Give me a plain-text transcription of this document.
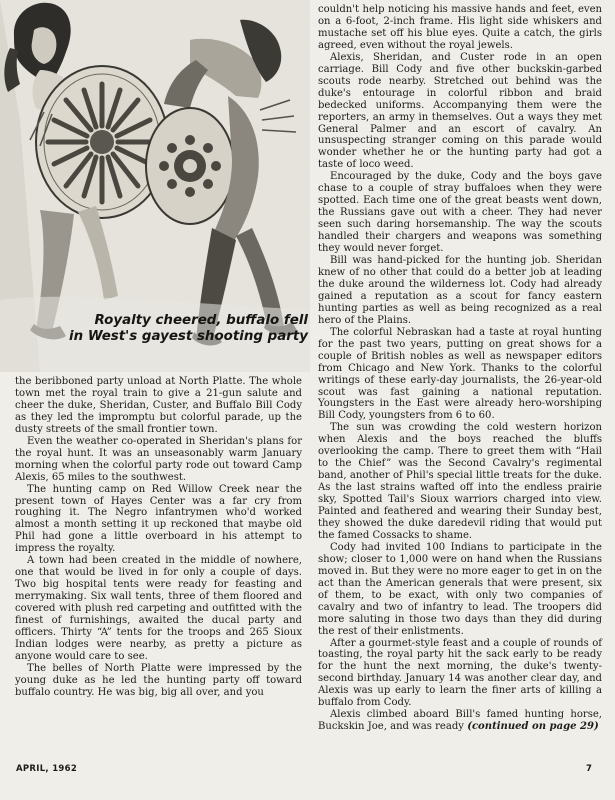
Royalty cheered, buffalo fell
in West's gayest shooting party

the beribboned party unload at North Platte. The whole town met the royal train to give a 21-gun salute and cheer the duke, Sheridan, Custer, and Buffalo Bill Cody as they led the impromptu but colorful parade, up the dusty streets of the small frontier town.

Even the weather co-operated in Sheridan's plans for the royal hunt. It was an unseasonably warm January morning when the colorful party rode out toward Camp Alexis, 65 miles to the southwest.

The hunting camp on Red Willow Creek near the present town of Hayes Center was a far cry from roughing it. The Negro infantrymen who'd worked almost a month setting it up reckoned that maybe old Phil had gone a little overboard in his attempt to impress the royalty.

A town had been created in the middle of nowhere, one that would be lived in for only a couple of days. Two big hospital tents were ready for feasting and merrymaking. Six wall tents, three of them floored and covered with plush red carpeting and outfitted with the finest of furnishings, awaited the ducal party and officers. Thirty “A” tents for the troops and 265 Sioux Indian lodges were nearby, as pretty a picture as anyone would care to see.

The belles of North Platte were impressed by the young duke as he led the hunting party off toward buffalo country. He was big, big all over, and you

couldn't help noticing his massive hands and feet, even on a 6-foot, 2-inch frame. His light side whiskers and mustache set off his blue eyes. Quite a catch, the girls agreed, even without the royal jewels.

Alexis, Sheridan, and Custer rode in an open carriage. Bill Cody and five other buckskin-garbed scouts rode nearby. Stretched out behind was the duke's entourage in colorful ribbon and braid bedecked uniforms. Accompanying them were the reporters, an army in themselves. Out a ways they met General Palmer and an escort of cavalry. An unsuspecting stranger coming on this parade would wonder whether he or the hunting party had got a taste of loco weed.

Encouraged by the duke, Cody and the boys gave chase to a couple of stray buffaloes when they were spotted. Each time one of the great beasts went down, the Russians gave out with a cheer. They had never seen such daring horsemanship. The way the scouts handled their chargers and weapons was something they would never forget.

Bill was hand-picked for the hunting job. Sheridan knew of no other that could do a better job at leading the duke around the wilderness lot. Cody had already gained a reputation as a scout for fancy eastern hunting parties as well as being recognized as a real hero of the Plains.

The colorful Nebraskan had a taste at royal hunting for the past two years, putting on great shows for a couple of British nobles as well as newspaper editors from Chicago and New York. Thanks to the colorful writings of these early-day journalists, the 26-year-old scout was fast gaining a national reputation. Youngsters in the East were already hero-worshiping Bill Cody, youngsters from 6 to 60.

The sun was crowding the cold western horizon when Alexis and the boys reached the bluffs overlooking the camp. There to greet them with “Hail to the Chief” was the Second Cavalry's regimental band, another of Phil's special little treats for the duke. As the last strains wafted off into the endless prairie sky, Spotted Tail's Sioux warriors charged into view. Painted and feathered and wearing their Sunday best, they showed the duke daredevil riding that would put the famed Cossacks to shame.

Cody had invited 100 Indians to participate in the show; closer to 1,000 were on hand when the Russians moved in. But they were no more eager to get in on the act than the American generals that were present, six of them, to be exact, with only two companies of cavalry and two of infantry to lead. The troopers did more saluting in those two days than they did during the rest of their enlistments.

After a gourmet-style feast and a couple of rounds of toasting, the royal party hit the sack early to be ready for the hunt the next morning, the duke's twenty-second birthday. January 14 was another clear day, and Alexis was up early to learn the finer arts of killing a buffalo from Cody.

Alexis climbed aboard Bill's famed hunting horse, Buckskin Joe, and was ready (continued on page 29)

APRIL, 1962	7
